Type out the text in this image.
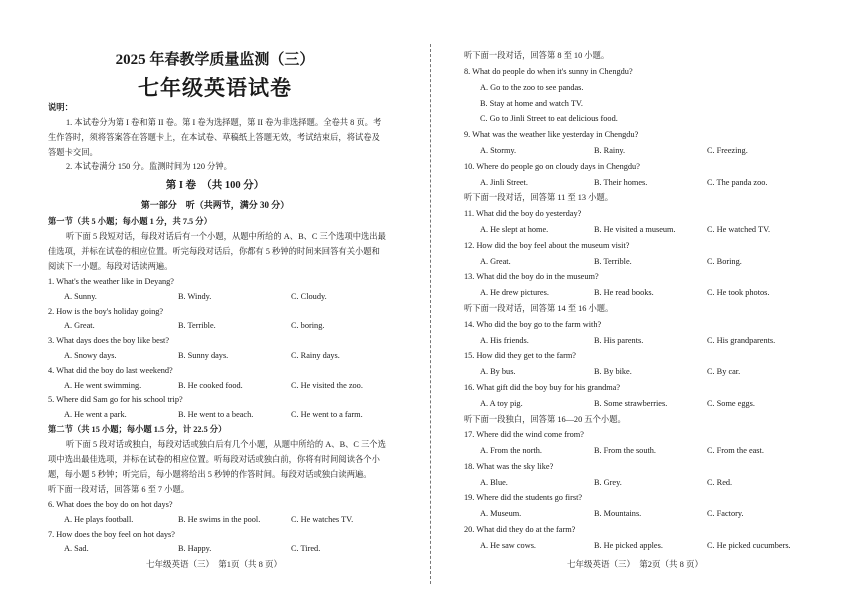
2025 年春教学质量监测（三）
七年级英语试卷
说明：
1. 本试卷分为第 I 卷和第 II 卷。第 I 卷为选择题，第 II 卷为非选择题。全卷共 8 页。考
生作答时，须将答案答在答题卡上，在本试卷、草稿纸上答题无效，考试结束后，将试卷及
答题卡交回。
2. 本试卷满分 150 分。监测时间为 120 分钟。
第 I 卷　（共 100 分）
第一部分　听（共两节，满分 30 分）
第一节（共 5 小题；每小题 1 分，共 7.5 分）
听下面 5 段短对话，每段对话后有一个小题，从题中所给的 A、B、C 三个选项中选出最
佳选项，并标在试卷的相应位置。听完每段对话后，你都有 5 秒钟的时间来回答有关小题和
阅读下一小题。每段对话读两遍。
1. What's the weather like in Deyang?
A. Sunny.	B. Windy.	C. Cloudy.
2. How is the boy's holiday going?
A. Great.	B. Terrible.	C. boring.
3. What days does the boy like best?
A. Snowy days.	B. Sunny days.	C. Rainy days.
4. What did the boy do last weekend?
A. He went swimming.	B. He cooked food.	C. He visited the zoo.
5. Where did Sam go for his school trip?
A. He went a park.	B. He went to a beach.	C. He went to a farm.
第二节（共 15 小题；每小题 1.5 分，计 22.5 分）
听下面 5 段对话或独白，每段对话或独白后有几个小题，从题中所给的 A、B、C 三个选
项中选出最佳选项，并标在试卷的相应位置。听每段对话或独白前，你将有时间阅读各个小
题，每小题 5 秒钟；听完后，每小题将给出 5 秒钟的作答时间。每段对话或独白读两遍。
听下面一段对话，回答第 6 至 7 小题。
6. What does the boy do on hot days?
A. He plays football.	B. He swims in the pool.	C. He watches TV.
7. How does the boy feel on hot days?
A. Sad.	B. Happy.	C. Tired.
七年级英语（三）　第1页（共 8 页）
听下面一段对话，回答第 8 至 10 小题。
8. What do people do when it's sunny in Chengdu?
A. Go to the zoo to see pandas.
B. Stay at home and watch TV.
C. Go to Jinli Street to eat delicious food.
9. What was the weather like yesterday in Chengdu?
A. Stormy.	B. Rainy.	C. Freezing.
10. Where do people go on cloudy days in Chengdu?
A. Jinli Street.	B. Their homes.	C. The panda zoo.
听下面一段对话，回答第 11 至 13 小题。
11. What did the boy do yesterday?
A. He slept at home.	B. He visited a museum.	C. He watched TV.
12. How did the boy feel about the museum visit?
A. Great.	B. Terrible.	C. Boring.
13. What did the boy do in the museum?
A. He drew pictures.	B. He read books.	C. He took photos.
听下面一段对话，回答第 14 至 16 小题。
14. Who did the boy go to the farm with?
A. His friends.	B. His parents.	C. His grandparents.
15. How did they get to the farm?
A. By bus.	B. By bike.	C. By car.
16. What gift did the boy buy for his grandma?
A. A toy pig.	B. Some strawberries.	C. Some eggs.
听下面一段独白，回答第 16—20 五个小题。
17. Where did the wind come from?
A. From the north.	B. From the south.	C. From the east.
18. What was the sky like?
A. Blue.	B. Grey.	C. Red.
19. Where did the students go first?
A. Museum.	B. Mountains.	C. Factory.
20. What did they do at the farm?
A. He saw cows.	B. He picked apples.	C. He picked cucumbers.
七年级英语（三）　第2页（共 8 页）
